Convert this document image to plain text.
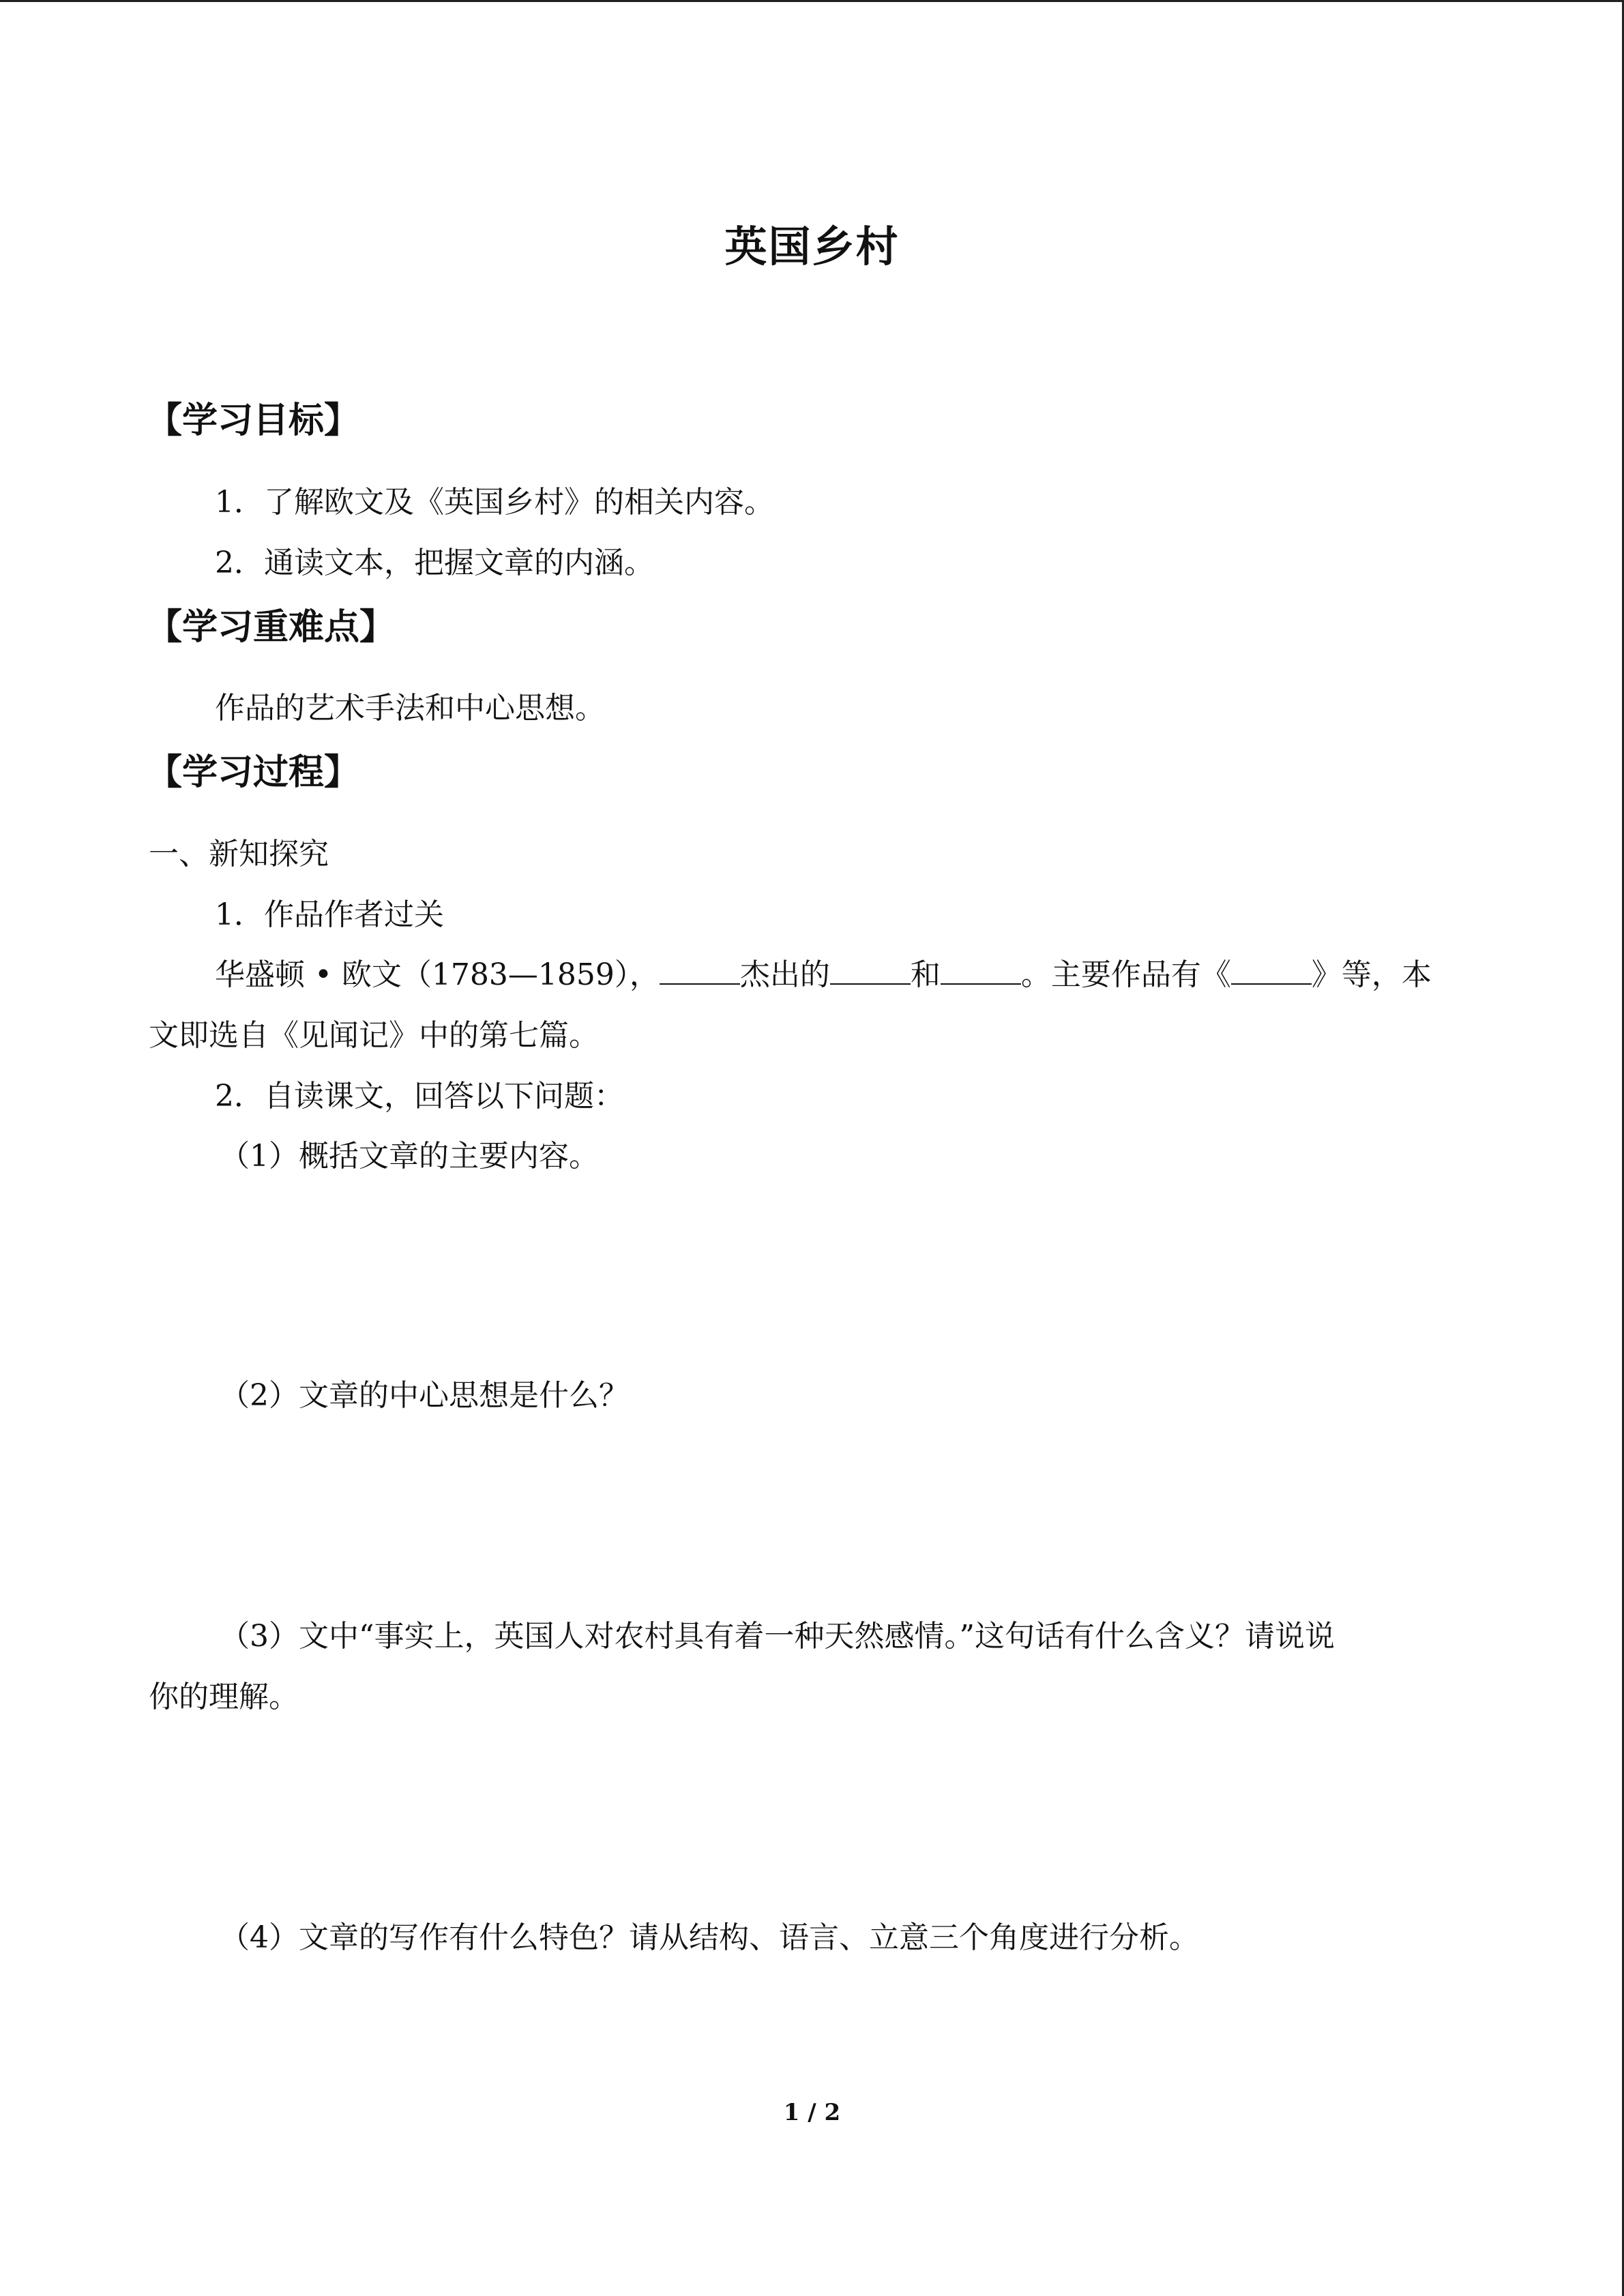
英国乡村
【学习目标】
1．了解欧文及《英国乡村》的相关内容。
2．通读文本，把握文章的内涵。
【学习重难点】
作品的艺术手法和中心思想。
【学习过程】
一、新知探究
1．作品作者过关
华盛顿 • 欧文（1783—1859），	杰出的	和	。主要作品有《	》等，本
文即选自《见闻记》中的第七篇。
2．自读课文，回答以下问题：
（1）概括文章的主要内容。
（2）文章的中心思想是什么？
（3）文中“事实上，英国人对农村具有着一种天然感情。”这句话有什么含义？请说说
你的理解。
（4）文章的写作有什么特色？请从结构、语言、立意三个角度进行分析。
1 / 2
